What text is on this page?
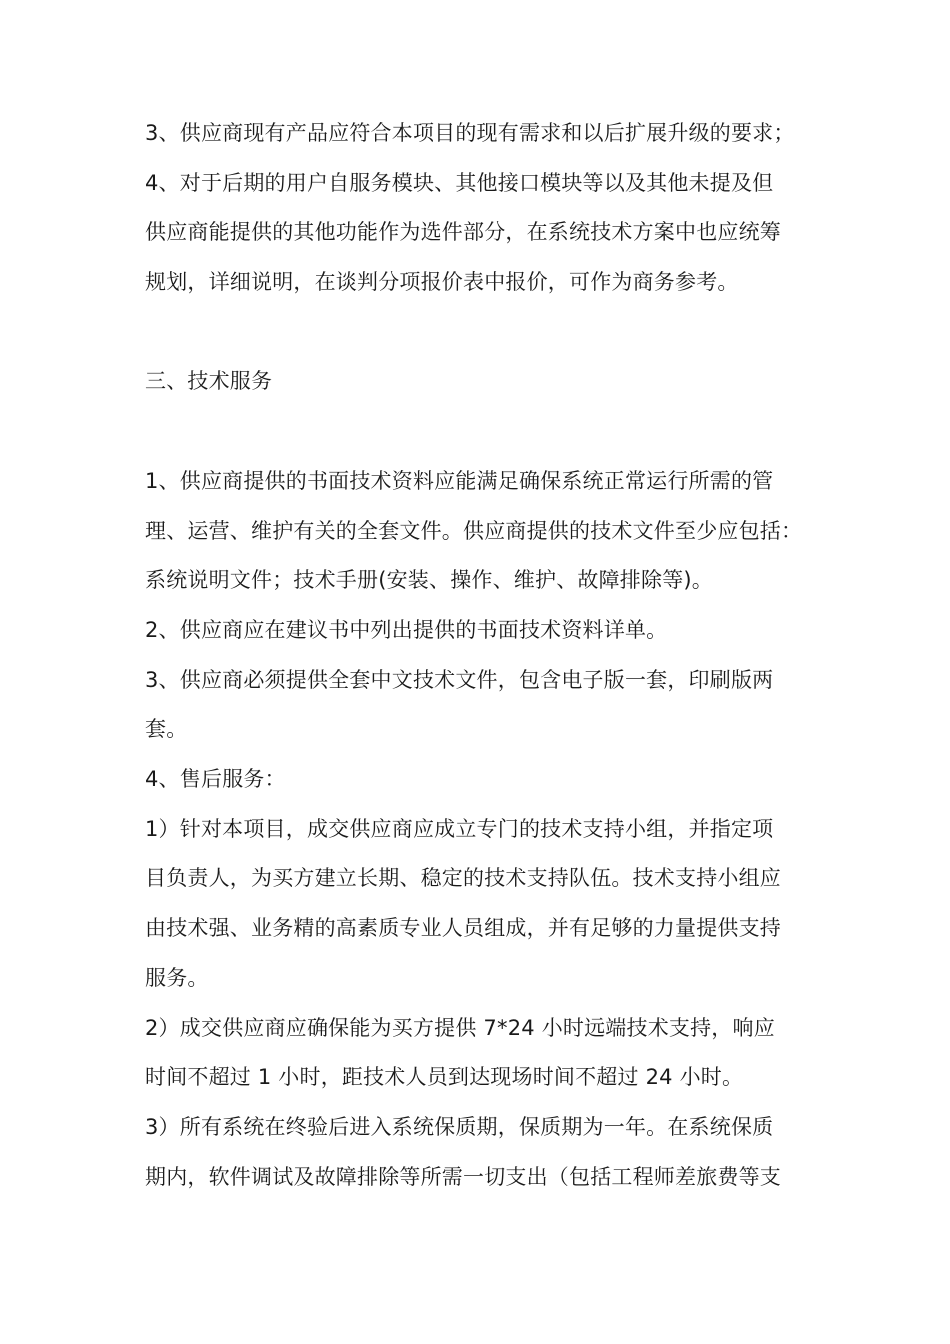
3、供应商现有产品应符合本项目的现有需求和以后扩展升级的要求；
4、对于后期的用户自服务模块、其他接口模块等以及其他未提及但
供应商能提供的其他功能作为选件部分，在系统技术方案中也应统筹
规划，详细说明，在谈判分项报价表中报价，可作为商务参考。
三、技术服务
1、供应商提供的书面技术资料应能满足确保系统正常运行所需的管
理、运营、维护有关的全套文件。供应商提供的技术文件至少应包括：
系统说明文件；技术手册(安装、操作、维护、故障排除等)。
2、供应商应在建议书中列出提供的书面技术资料详单。
3、供应商必须提供全套中文技术文件，包含电子版一套，印刷版两
套。
4、售后服务：
1）针对本项目，成交供应商应成立专门的技术支持小组，并指定项
目负责人，为买方建立长期、稳定的技术支持队伍。技术支持小组应
由技术强、业务精的高素质专业人员组成，并有足够的力量提供支持
服务。
2）成交供应商应确保能为买方提供 7*24 小时远端技术支持，响应
时间不超过 1 小时，距技术人员到达现场时间不超过 24 小时。
3）所有系统在终验后进入系统保质期，保质期为一年。在系统保质
期内，软件调试及故障排除等所需一切支出（包括工程师差旅费等支
